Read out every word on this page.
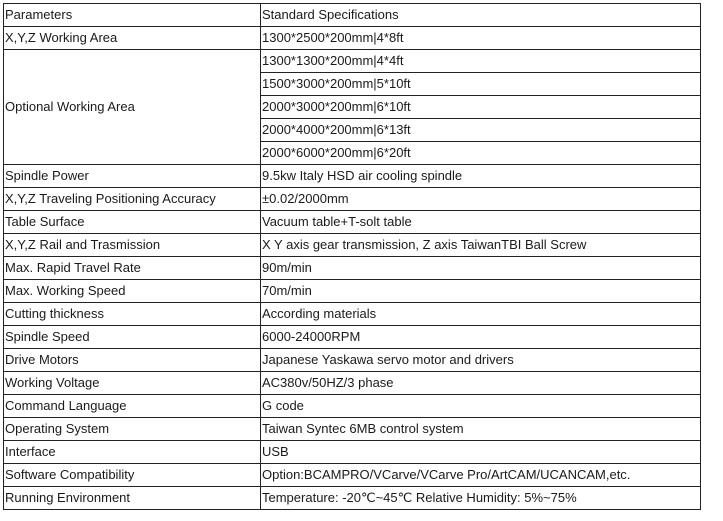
Parameters	Standard Specifications
X,Y,Z Working Area	1300*2500*200mm|4*8ft
Optional Working Area	1300*1300*200mm|4*4ft
	1500*3000*200mm|5*10ft
	2000*3000*200mm|6*10ft
	2000*4000*200mm|6*13ft
	2000*6000*200mm|6*20ft
Spindle Power	9.5kw Italy HSD air cooling spindle
X,Y,Z Traveling Positioning Accuracy	±0.02/2000mm
Table Surface	Vacuum table+T-solt table
X,Y,Z Rail and Trasmission	X Y axis gear transmission, Z axis TaiwanTBI Ball Screw
Max. Rapid Travel Rate	90m/min
Max. Working Speed	70m/min
Cutting thickness	According materials
Spindle Speed	6000-24000RPM
Drive Motors	Japanese Yaskawa servo motor and drivers
Working Voltage	AC380v/50HZ/3 phase
Command Language	G code
Operating System	Taiwan Syntec 6MB control system
Interface	USB
Software Compatibility	Option:BCAMPRO/VCarve/VCarve Pro/ArtCAM/UCANCAM,etc.
Running Environment	Temperature: -20℃~45℃ Relative Humidity: 5%~75%
